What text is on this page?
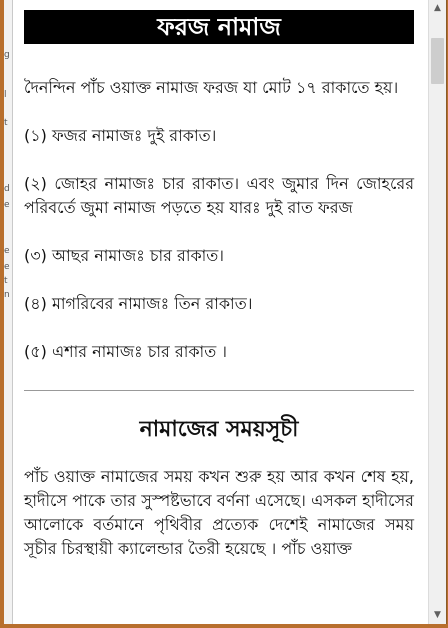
g
l
t
d
e
e
e
t
n
ফরজ নামাজ

দৈনন্দিন পাঁচ ওয়াক্ত নামাজ ফরজ যা মোট ১৭ রাকাতে হয়।

(১) ফজর নামাজঃ দুই রাকাত।

(২) জোহর নামাজঃ চার রাকাত। এবং জুমার দিন জোহরের পরিবর্তে জুমা নামাজ পড়তে হয় যারঃ দুই রাত ফরজ

(৩) আছর নামাজঃ চার রাকাত।

(৪) মাগরিবের নামাজঃ তিন রাকাত।

(৫) এশার নামাজঃ চার রাকাত ।

নামাজের সময়সূচী

পাঁচ ওয়াক্ত নামাজের সময় কখন শুরু হয় আর কখন শেষ হয়, হাদীসে পাকে তার সুস্পষ্টভাবে বর্ণনা এসেছে। এসকল হাদীসের আলোকে বর্তমানে পৃথিবীর প্রত্যেক দেশেই নামাজের সময় সূচীর চিরস্থায়ী ক্যালেন্ডার তৈরী হয়েছে । পাঁচ ওয়াক্ত

▲
▼
